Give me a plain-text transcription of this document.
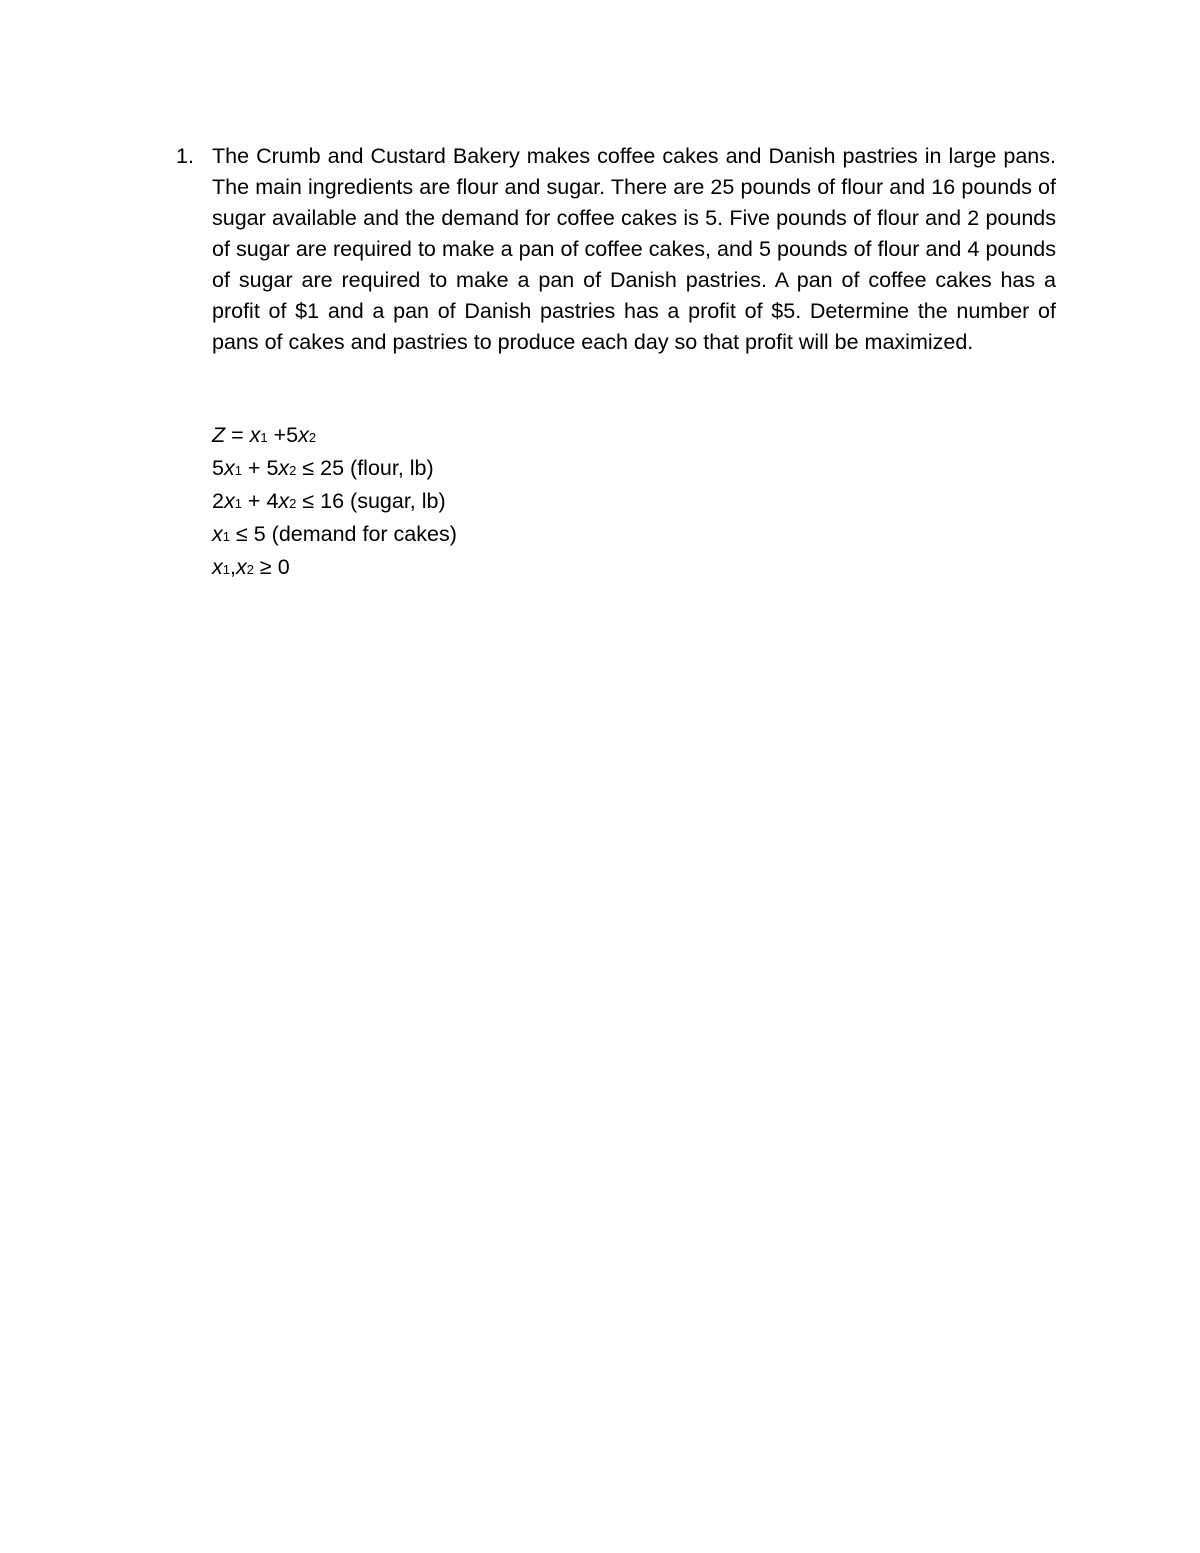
1. The Crumb and Custard Bakery makes coffee cakes and Danish pastries in large pans. The main ingredients are flour and sugar. There are 25 pounds of flour and 16 pounds of sugar available and the demand for coffee cakes is 5. Five pounds of flour and 2 pounds of sugar are required to make a pan of coffee cakes, and 5 pounds of flour and 4 pounds of sugar are required to make a pan of Danish pastries. A pan of coffee cakes has a profit of $1 and a pan of Danish pastries has a profit of $5. Determine the number of pans of cakes and pastries to produce each day so that profit will be maximized.
Z = x1 +5x2
5x1 + 5x2 ≤ 25 (flour, lb)
2x1 + 4x2 ≤ 16 (sugar, lb)
x1 ≤ 5 (demand for cakes)
x1,x2 ≥ 0
